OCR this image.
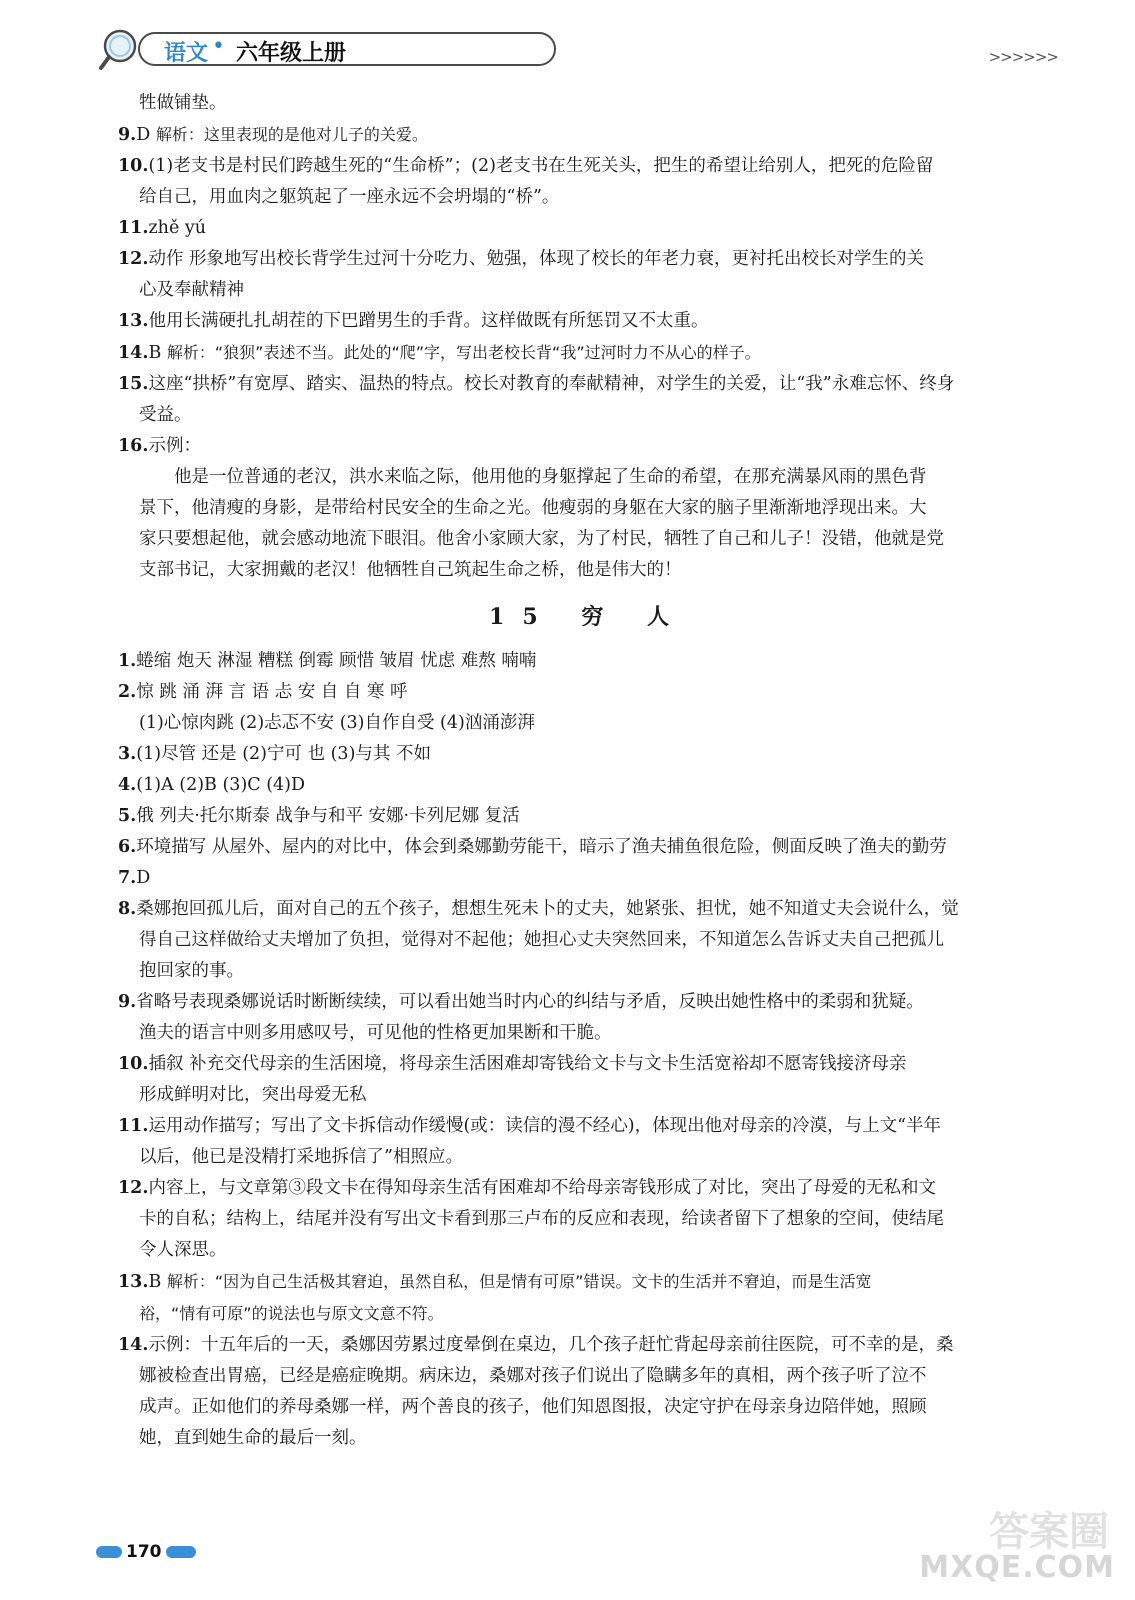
语文 • 六年级上册	>>>>>>
牲做铺垫。
9.D 解析：这里表现的是他对儿子的关爱。
10.(1)老支书是村民们跨越生死的“生命桥”；(2)老支书在生死关头，把生的希望让给别人，把死的危险留
给自己，用血肉之躯筑起了一座永远不会坍塌的“桥”。
11.zhě yú
12.动作 形象地写出校长背学生过河十分吃力、勉强，体现了校长的年老力衰，更衬托出校长对学生的关
心及奉献精神
13.他用长满硬扎扎胡茬的下巴蹭男生的手背。这样做既有所惩罚又不太重。
14.B 解析：“狼狈”表述不当。此处的“爬”字，写出老校长背“我”过河时力不从心的样子。
15.这座“拱桥”有宽厚、踏实、温热的特点。校长对教育的奉献精神，对学生的关爱，让“我”永难忘怀、终身
受益。
16.示例：
他是一位普通的老汉，洪水来临之际，他用他的身躯撑起了生命的希望，在那充满暴风雨的黑色背
景下，他清瘦的身影，是带给村民安全的生命之光。他瘦弱的身躯在大家的脑子里渐渐地浮现出来。大
家只要想起他，就会感动地流下眼泪。他舍小家顾大家，为了村民，牺牲了自己和儿子！没错，他就是党
支部书记，大家拥戴的老汉！他牺牲自己筑起生命之桥，他是伟大的！
15 穷 人
1.蜷缩 炮天 淋湿 糟糕 倒霉 顾惜 皱眉 忧虑 难熬 喃喃
2.惊 跳 涌 湃 言 语 忐 安 自 自 寒 呼
(1)心惊肉跳 (2)忐忑不安 (3)自作自受 (4)汹涌澎湃
3.(1)尽管 还是 (2)宁可 也 (3)与其 不如
4.(1)A (2)B (3)C (4)D
5.俄 列夫·托尔斯泰 战争与和平 安娜·卡列尼娜 复活
6.环境描写 从屋外、屋内的对比中，体会到桑娜勤劳能干，暗示了渔夫捕鱼很危险，侧面反映了渔夫的勤劳
7.D
8.桑娜抱回孤儿后，面对自己的五个孩子，想想生死未卜的丈夫，她紧张、担忧，她不知道丈夫会说什么，觉
得自己这样做给丈夫增加了负担，觉得对不起他；她担心丈夫突然回来，不知道怎么告诉丈夫自己把孤儿
抱回家的事。
9.省略号表现桑娜说话时断断续续，可以看出她当时内心的纠结与矛盾，反映出她性格中的柔弱和犹疑。
渔夫的语言中则多用感叹号，可见他的性格更加果断和干脆。
10.插叙 补充交代母亲的生活困境，将母亲生活困难却寄钱给文卡与文卡生活宽裕却不愿寄钱接济母亲
形成鲜明对比，突出母爱无私
11.运用动作描写；写出了文卡拆信动作缓慢(或：读信的漫不经心)，体现出他对母亲的冷漠，与上文“半年
以后，他已是没精打采地拆信了”相照应。
12.内容上，与文章第③段文卡在得知母亲生活有困难却不给母亲寄钱形成了对比，突出了母爱的无私和文
卡的自私；结构上，结尾并没有写出文卡看到那三卢布的反应和表现，给读者留下了想象的空间，使结尾
令人深思。
13.B 解析：“因为自己生活极其窘迫，虽然自私，但是情有可原”错误。文卡的生活并不窘迫，而是生活宽
裕，“情有可原”的说法也与原文文意不符。
14.示例：十五年后的一天，桑娜因劳累过度晕倒在桌边，几个孩子赶忙背起母亲前往医院，可不幸的是，桑
娜被检查出胃癌，已经是癌症晚期。病床边，桑娜对孩子们说出了隐瞒多年的真相，两个孩子听了泣不
成声。正如他们的养母桑娜一样，两个善良的孩子，他们知恩图报，决定守护在母亲身边陪伴她，照顾
她，直到她生命的最后一刻。
170	答案圈
MXQE.COM
